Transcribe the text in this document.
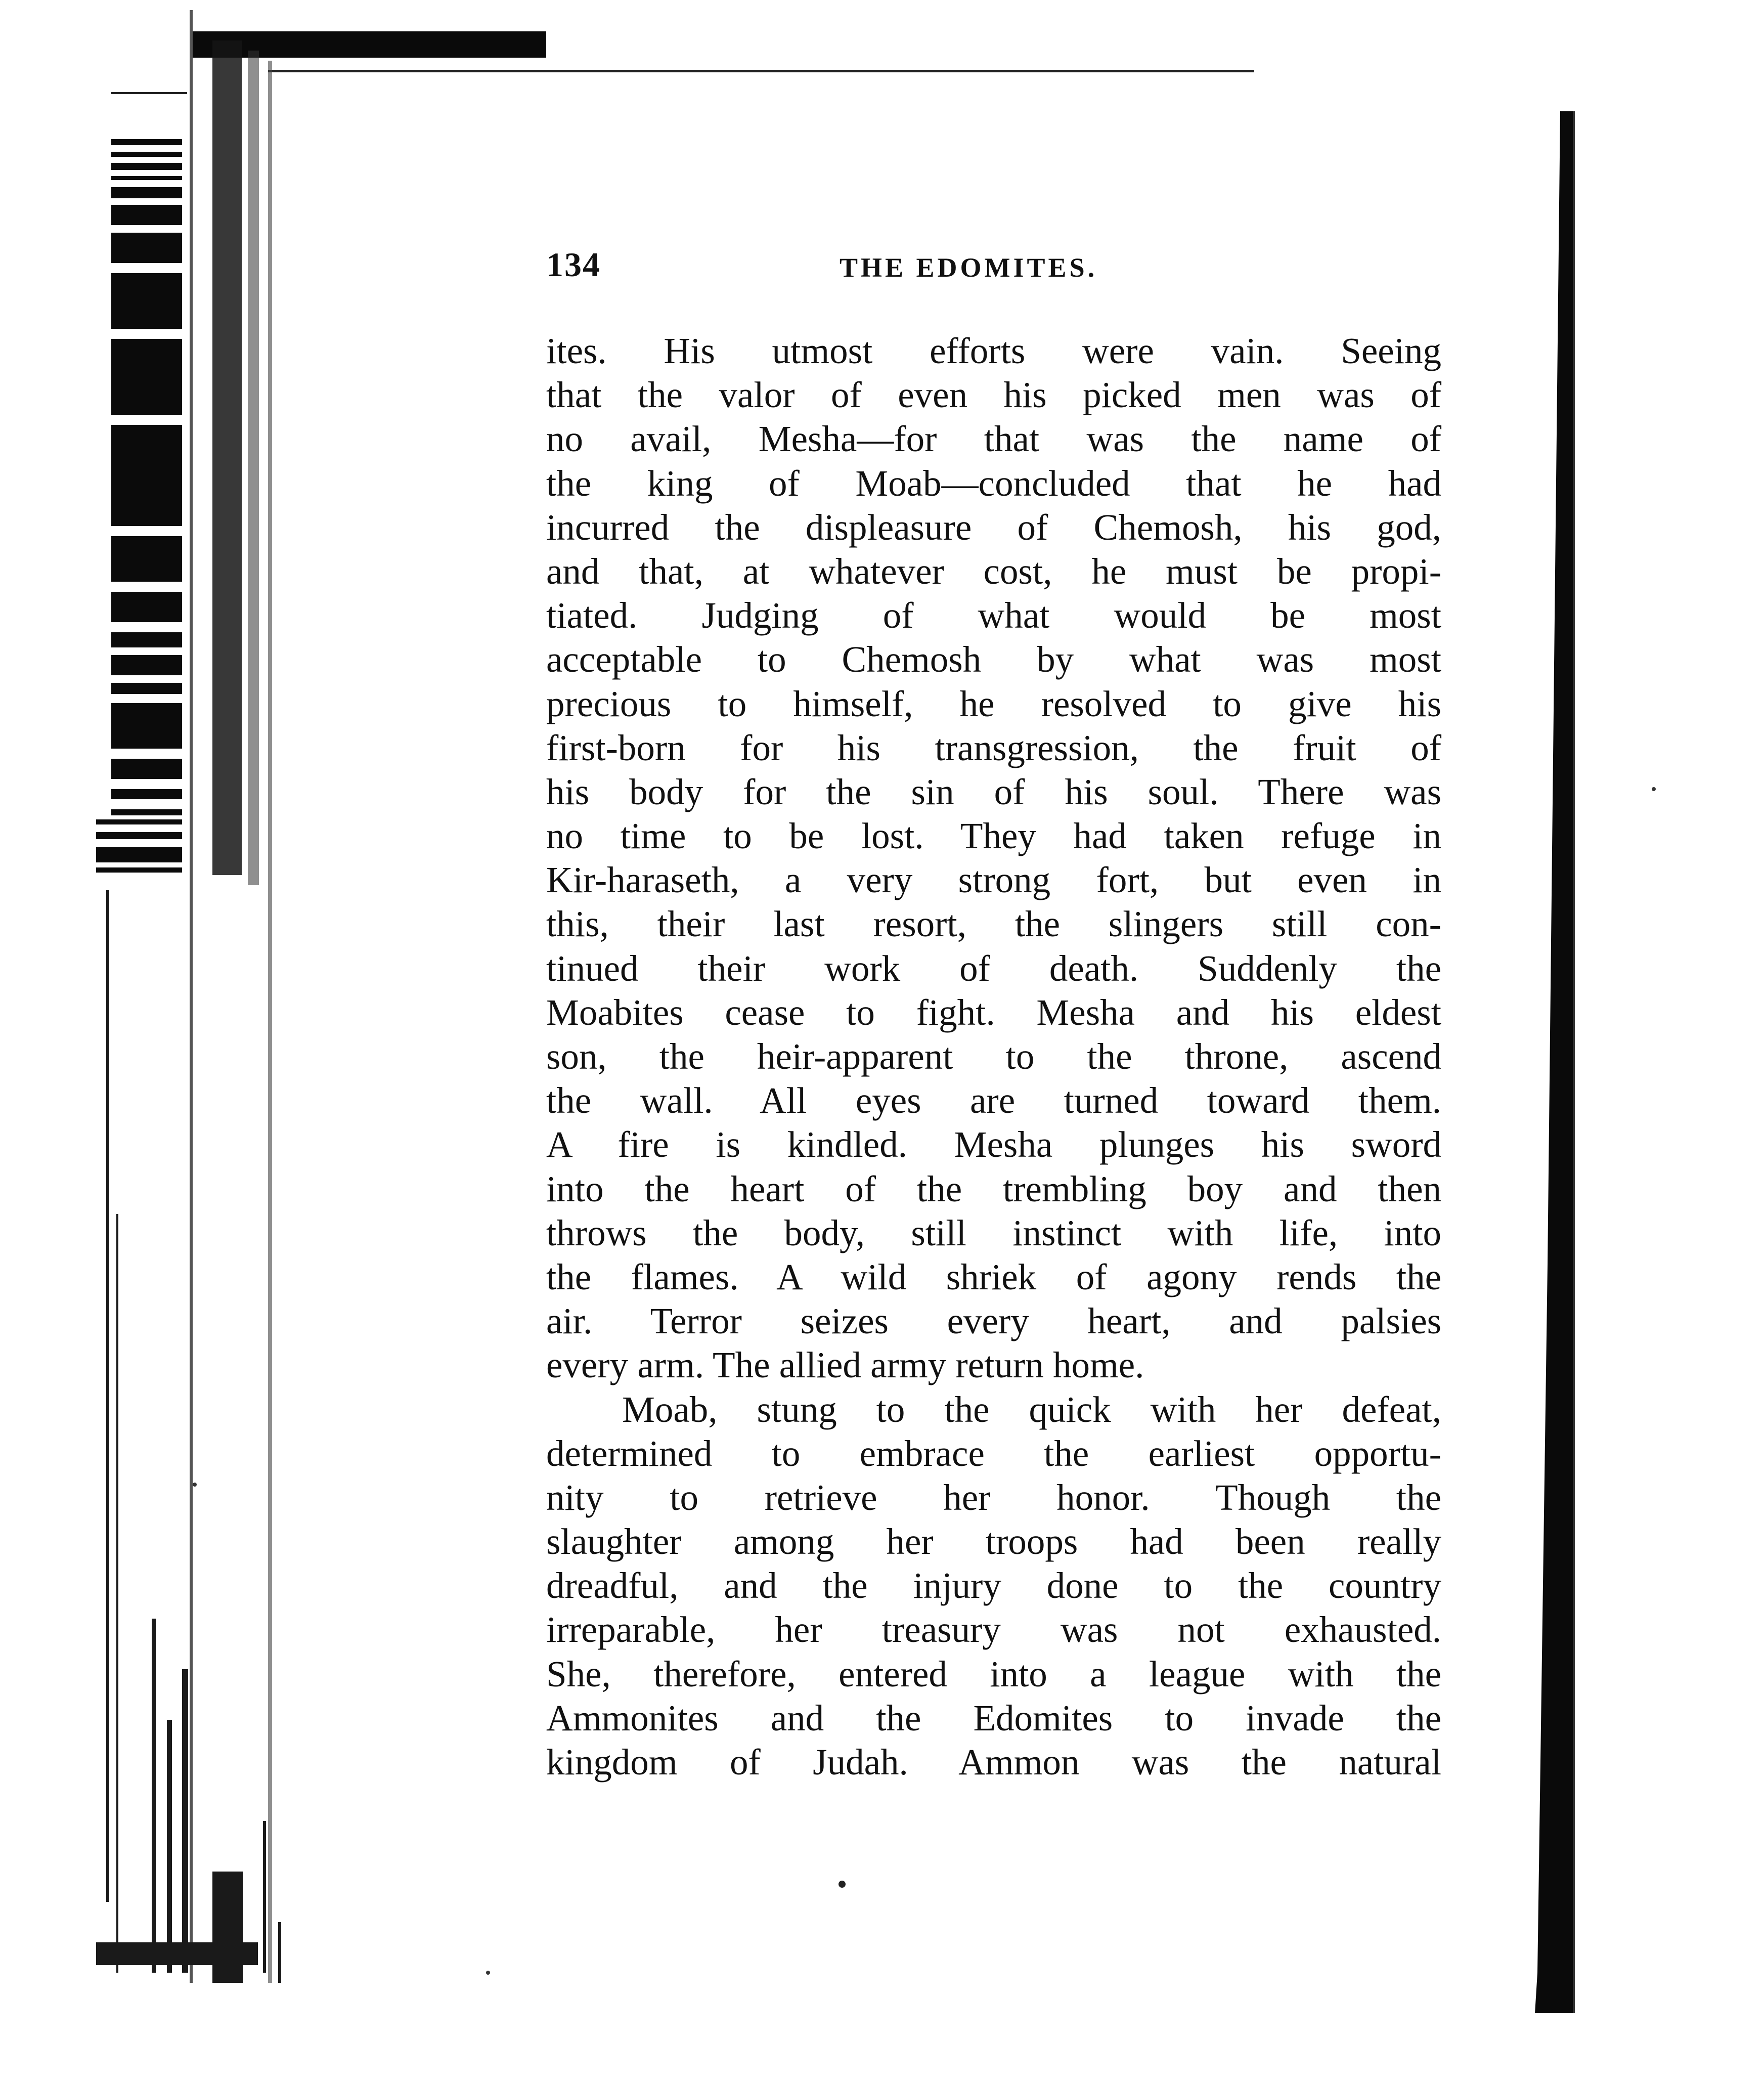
134	THE EDOMITES.
ites. His utmost efforts were vain. Seeing
that the valor of even his picked men was of
no avail, Mesha—for that was the name of
the king of Moab—concluded that he had
incurred the displeasure of Chemosh, his god,
and that, at whatever cost, he must be propi-
tiated. Judging of what would be most
acceptable to Chemosh by what was most
precious to himself, he resolved to give his
first-born for his transgression, the fruit of
his body for the sin of his soul. There was
no time to be lost. They had taken refuge in
Kir-haraseth, a very strong fort, but even in
this, their last resort, the slingers still con-
tinued their work of death. Suddenly the
Moabites cease to fight. Mesha and his eldest
son, the heir-apparent to the throne, ascend
the wall. All eyes are turned toward them.
A fire is kindled. Mesha plunges his sword
into the heart of the trembling boy and then
throws the body, still instinct with life, into
the flames. A wild shriek of agony rends the
air. Terror seizes every heart, and palsies
every arm. The allied army return home.
Moab, stung to the quick with her defeat,
determined to embrace the earliest opportu-
nity to retrieve her honor. Though the
slaughter among her troops had been really
dreadful, and the injury done to the country
irreparable, her treasury was not exhausted.
She, therefore, entered into a league with the
Ammonites and the Edomites to invade the
kingdom of Judah. Ammon was the natural
